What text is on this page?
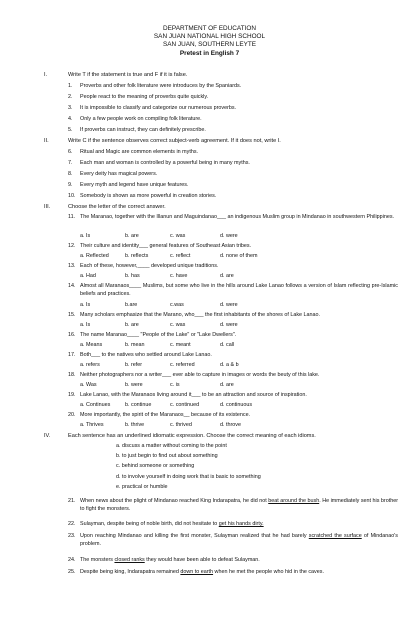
DEPARTMENT OF EDUCATION
SAN JUAN NATIONAL HIGH SCHOOL
SAN JUAN, SOUTHERN LEYTE
Pretest in English 7
I.	Write T if the statement is true and F if it is false.
1. Proverbs and other folk literature were introduces by the Spaniards.
2. People react to the meaning of proverbs quite quickly.
3. It is impossible to classify and categorize our numerous proverbs.
4. Only a few people work on compiling folk literature.
5. If proverbs can instruct, they can definitely prescribe.
II.	Write C if the sentence observes correct subject-verb agreement. If it does not, write I.
6. Ritual and Magic are common elements in myths.
7. Each man and woman is controlled by a powerful being in many myths.
8. Every deity has magical powers.
9. Every myth and legend have unique features.
10. Somebody is shown as more powerful in creation stories.
III.	Choose the letter of the correct answer.
11. The Maranao, together with the Illanun and Maguindanao___ an indigenous Muslim group in Mindanao in southwestern Philippines.
a. Is	b. are	c. was	d. were
12. Their culture and identity___ general features of Southeast Asian tribes.
a. Reflected	b. reflects	c. reflect	d. none of them
13. Each of these, however,____ developed unique traditions.
a. Had	b. has	c. have	d. are
14. Almost all Maranaos____ Muslims, but some who live in the hills around Lake Lanao follows a version of Islam reflecting pre-Islamic beliefs and practices.
a. Is	b.are	c.was	d. were
15. Many scholars emphasize that the Marano, who___ the first inhabitants of the shores of Lake Lanao.
a. Is	b. are	c. was	d. were
16. The name Maranao____ "People of the Lake" or "Lake Dwellers".
a. Means	b. mean	c. meant	d. call
17. Both___ to the natives who settled around Lake Lanao.
a. refers	b. refer	c. referred	d. a & b
18. Neither photographers nor a writer___ ever able to capture in images or words the beuty of this lake.
a. Was	b. were	c. is	d. are
19. Lake Lanao, with the Maranaos living around it___ to be an attraction and source of inspiration.
a. Continues	b. continue	c. continued	d. continuous
20. More importantly, the spirit of the Maranaos__ because of its existence.
a. Thrives	b. thrive	c. thrived	d. throve
IV.	Each sentence has an underlined idiomatic expression. Choose the correct meaning of each idioms.
a. discuss a matter without coming to the point
b. to just begin to find out about something
c. behind someone or something
d. to involve yourself in doing work that is basic to something
e. practical or humble
21. When news about the plight of Mindanao reached King Indarapatra, he did not beat around the bush. He immediately sent his brother to fight the monsters.
22. Sulayman, despite being of noble birth, did not hesitate to get his hands dirty.
23. Upon reaching Mindanao and killing the first monster, Sulayman realized that he had barely scratched the surface of Mindanao's problem.
24. The monsters closed ranks they would have been able to defeat Sulayman.
25. Despite being king, Indarapatra remained down to earth when he met the people who hid in the caves.
